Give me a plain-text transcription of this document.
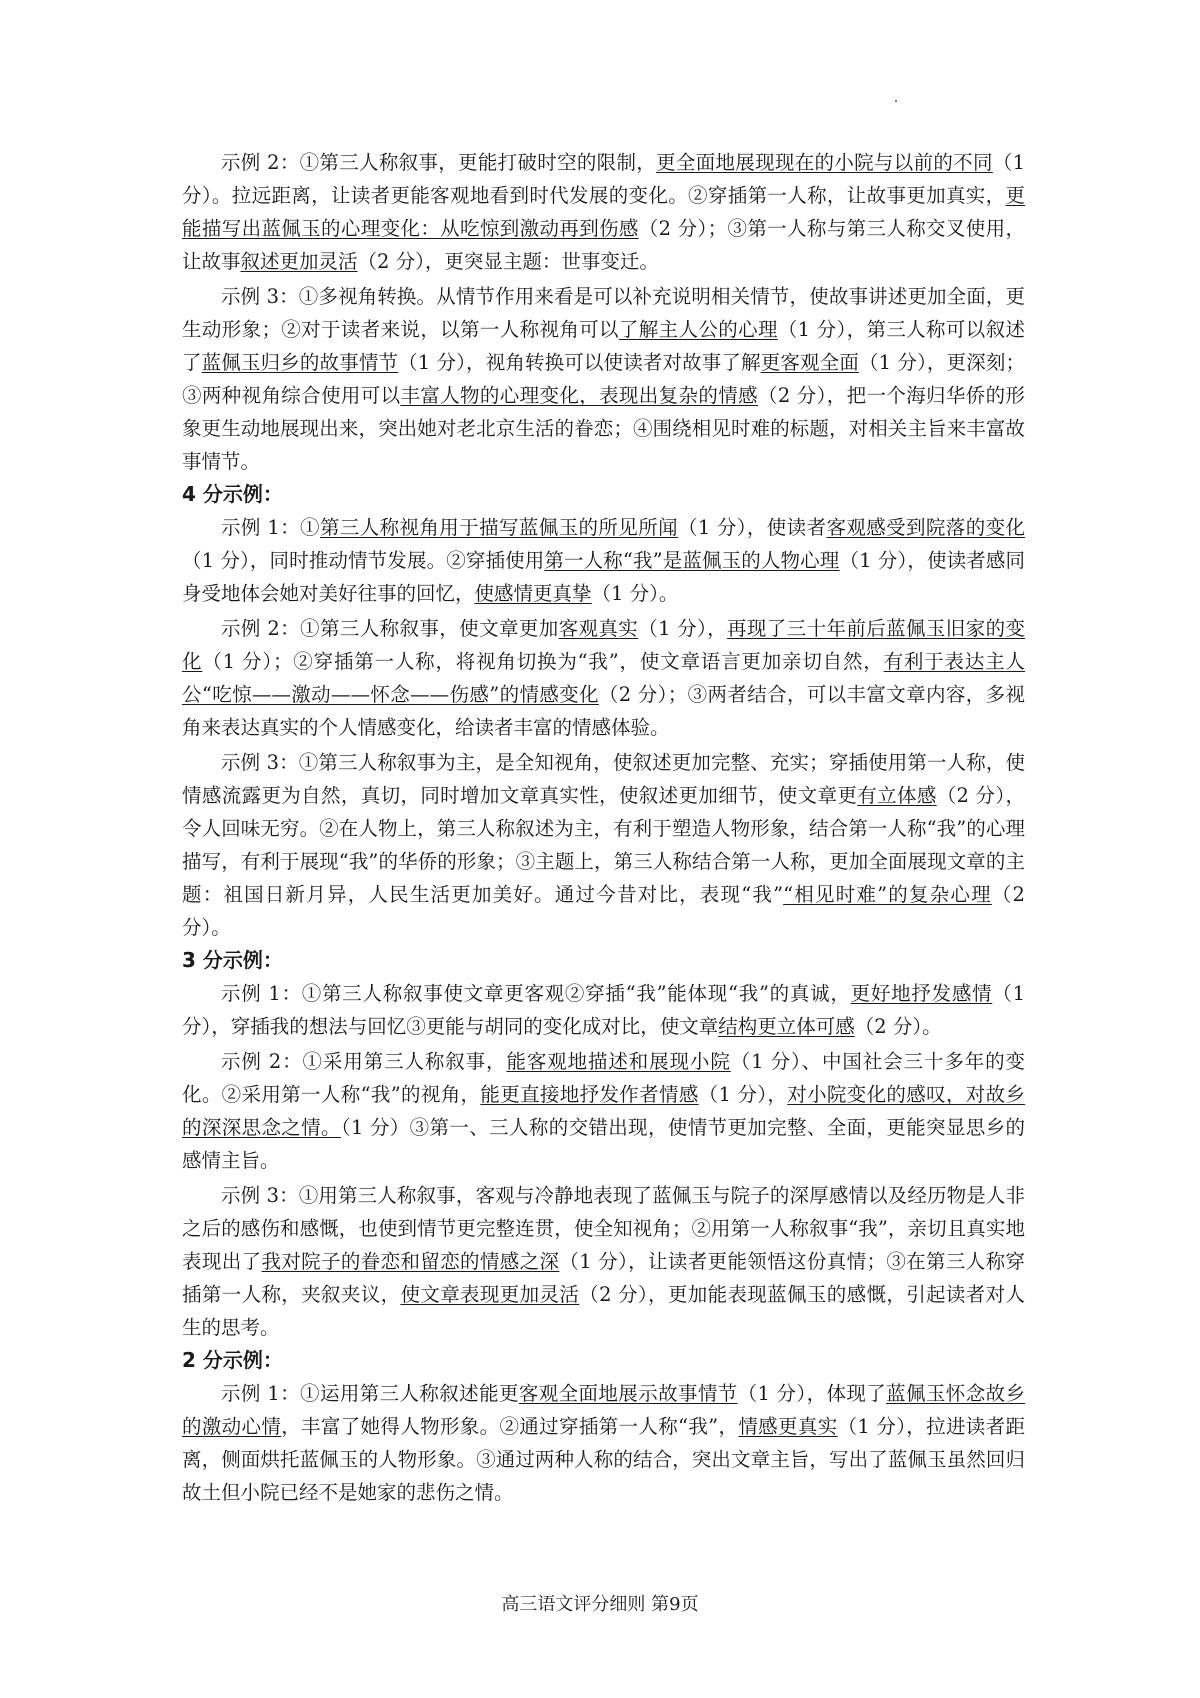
示例 2：①第三人称叙事，更能打破时空的限制，更全面地展现现在的小院与以前的不同（1 分）。拉远距离，让读者更能客观地看到时代发展的变化。②穿插第一人称，让故事更加真实，更能描写出蓝佩玉的心理变化：从吃惊到激动再到伤感（2 分）；③第一人称与第三人称交叉使用，让故事叙述更加灵活（2 分），更突显主题：世事变迁。

示例 3：①多视角转换。从情节作用来看是可以补充说明相关情节，使故事讲述更加全面，更生动形象；②对于读者来说，以第一人称视角可以了解主人公的心理（1 分），第三人称可以叙述了蓝佩玉归乡的故事情节（1 分），视角转换可以使读者对故事了解更客观全面（1 分），更深刻；③两种视角综合使用可以丰富人物的心理变化，表现出复杂的情感（2 分），把一个海归华侨的形象更生动地展现出来，突出她对老北京生活的眷恋；④围绕相见时难的标题，对相关主旨来丰富故事情节。

4 分示例：

示例 1：①第三人称视角用于描写蓝佩玉的所见所闻（1 分），使读者客观感受到院落的变化（1 分），同时推动情节发展。②穿插使用第一人称“我”是蓝佩玉的人物心理（1 分），使读者感同身受地体会她对美好往事的回忆，使感情更真挚（1 分）。

示例 2：①第三人称叙事，使文章更加客观真实（1 分），再现了三十年前后蓝佩玉旧家的变化（1 分）；②穿插第一人称，将视角切换为“我”，使文章语言更加亲切自然，有利于表达主人公“吃惊——激动——怀念——伤感”的情感变化（2 分）；③两者结合，可以丰富文章内容，多视角来表达真实的个人情感变化，给读者丰富的情感体验。

示例 3：①第三人称叙事为主，是全知视角，使叙述更加完整、充实；穿插使用第一人称，使情感流露更为自然，真切，同时增加文章真实性，使叙述更加细节，使文章更有立体感（2 分），令人回味无穷。②在人物上，第三人称叙述为主，有利于塑造人物形象，结合第一人称“我”的心理描写，有利于展现“我”的华侨的形象；③主题上，第三人称结合第一人称，更加全面展现文章的主题：祖国日新月异，人民生活更加美好。通过今昔对比，表现“我”“相见时难”的复杂心理（2 分）。

3 分示例：

示例 1：①第三人称叙事使文章更客观②穿插“我”能体现“我”的真诚，更好地抒发感情（1 分），穿插我的想法与回忆③更能与胡同的变化成对比，使文章结构更立体可感（2 分）。

示例 2：①采用第三人称叙事，能客观地描述和展现小院（1 分）、中国社会三十多年的变化。②采用第一人称“我”的视角，能更直接地抒发作者情感（1 分），对小院变化的感叹，对故乡的深深思念之情。（1 分）③第一、三人称的交错出现，使情节更加完整、全面，更能突显思乡的感情主旨。

示例 3：①用第三人称叙事，客观与冷静地表现了蓝佩玉与院子的深厚感情以及经历物是人非之后的感伤和感慨，也使到情节更完整连贯，使全知视角；②用第一人称叙事“我”，亲切且真实地表现出了我对院子的眷恋和留恋的情感之深（1 分），让读者更能领悟这份真情；③在第三人称穿插第一人称，夹叙夹议，使文章表现更加灵活（2 分），更加能表现蓝佩玉的感慨，引起读者对人生的思考。

2 分示例：

示例 1：①运用第三人称叙述能更客观全面地展示故事情节（1 分），体现了蓝佩玉怀念故乡的激动心情，丰富了她得人物形象。②通过穿插第一人称“我”，情感更真实（1 分），拉进读者距离，侧面烘托蓝佩玉的人物形象。③通过两种人称的结合，突出文章主旨，写出了蓝佩玉虽然回归故土但小院已经不是她家的悲伤之情。

高三语文评分细则 第9页
